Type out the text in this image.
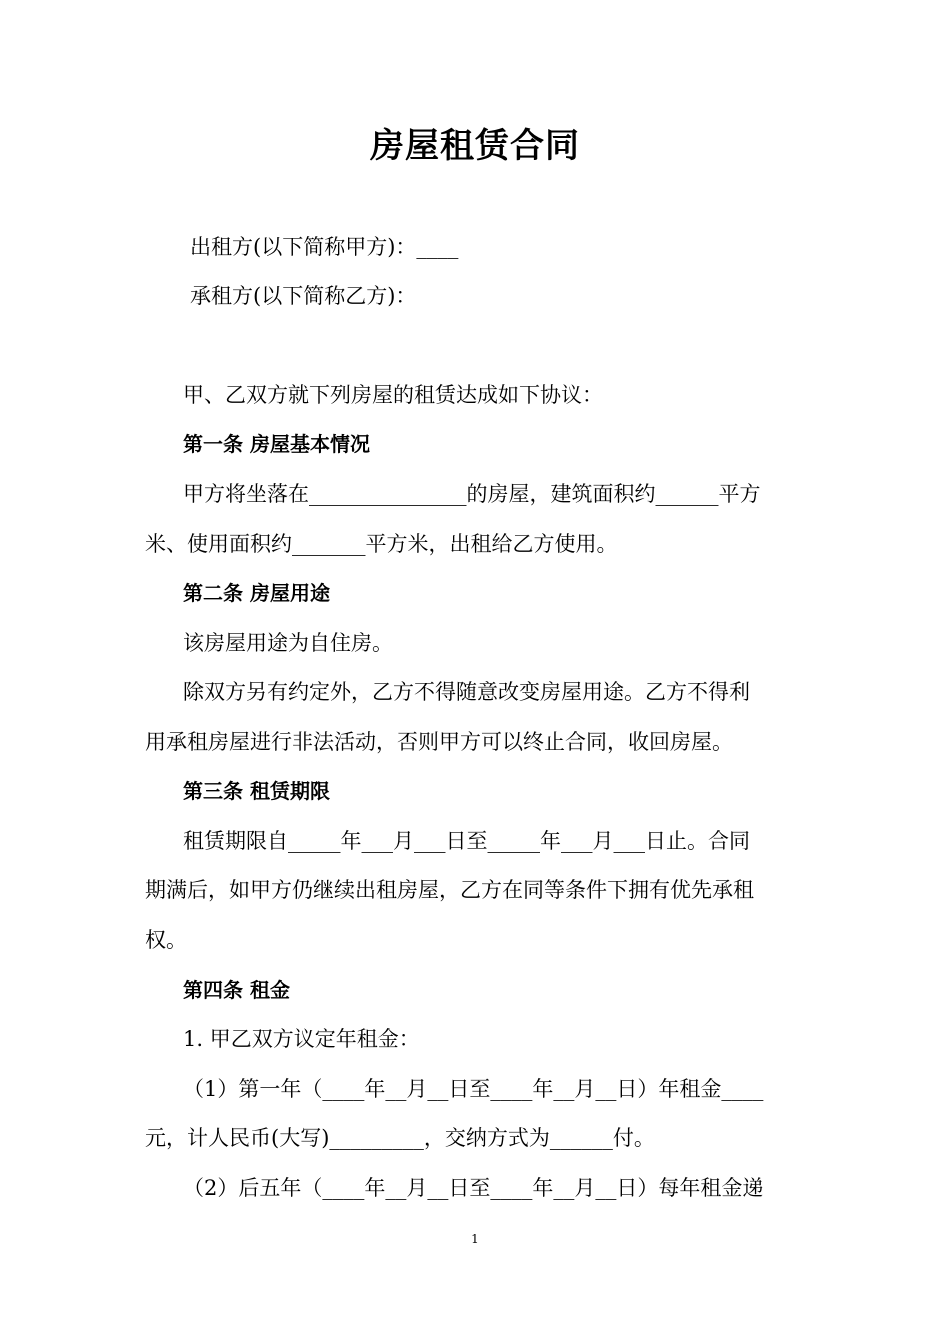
房屋租赁合同
出租方(以下简称甲方)：____
承租方(以下简称乙方)：
甲、乙双方就下列房屋的租赁达成如下协议：
第一条 房屋基本情况
甲方将坐落在_______________的房屋，建筑面积约______平方
米、使用面积约_______平方米，出租给乙方使用。
第二条 房屋用途
该房屋用途为自住房。
除双方另有约定外，乙方不得随意改变房屋用途。乙方不得利
用承租房屋进行非法活动，否则甲方可以终止合同，收回房屋。
第三条 租赁期限
租赁期限自_____年___月___日至_____年___月___日止。合同
期满后，如甲方仍继续出租房屋，乙方在同等条件下拥有优先承租
权。
第四条 租金
1. 甲乙双方议定年租金：
（1）第一年（____年__月__日至____年__月__日）年租金____
元，计人民币(大写)_________，交纳方式为______付。
（2）后五年（____年__月__日至____年__月__日）每年租金递
1
